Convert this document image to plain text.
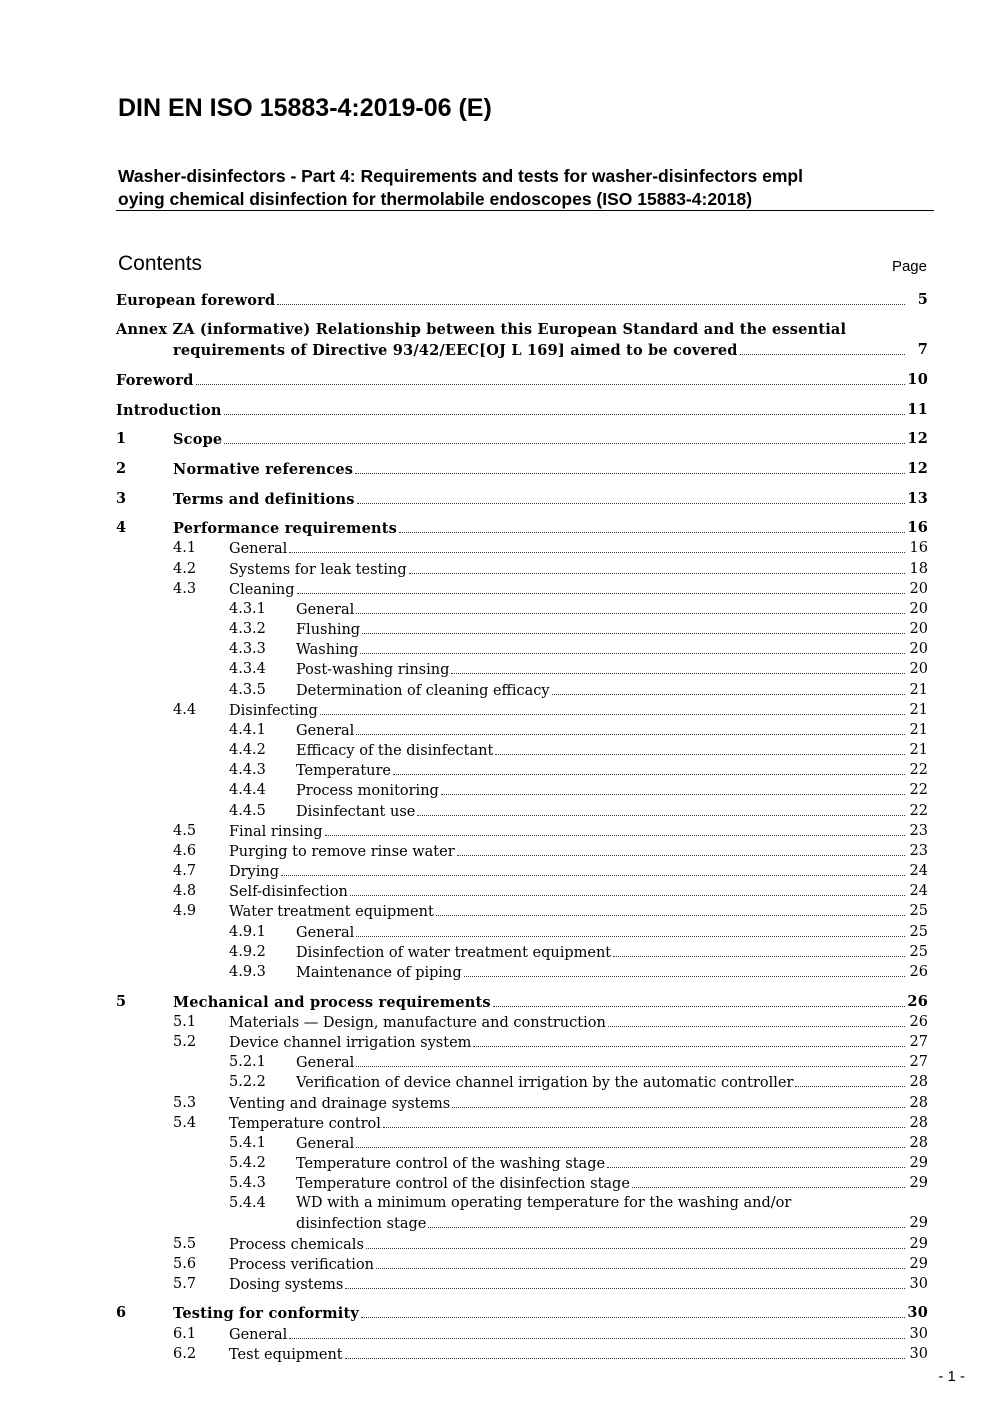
DIN EN ISO 15883-4:2019-06 (E)
Washer-disinfectors - Part 4: Requirements and tests for washer-disinfectors empl
oying chemical disinfection for thermolabile endoscopes (ISO 15883-4:2018)
Contents	Page
European foreword	5
Annex ZA (informative) Relationship between this European Standard and the essential
requirements of Directive 93/42/EEC[OJ L 169] aimed to be covered	7
Foreword	10
Introduction	11
1	Scope	12
2	Normative references	12
3	Terms and definitions	13
4	Performance requirements	16
4.1 General	16
4.2 Systems for leak testing	18
4.3 Cleaning	20
4.3.1 General	20
4.3.2 Flushing	20
4.3.3 Washing	20
4.3.4 Post-washing rinsing	20
4.3.5 Determination of cleaning efficacy	21
4.4 Disinfecting	21
4.4.1 General	21
4.4.2 Efficacy of the disinfectant	21
4.4.3 Temperature	22
4.4.4 Process monitoring	22
4.4.5 Disinfectant use	22
4.5 Final rinsing	23
4.6 Purging to remove rinse water	23
4.7 Drying	24
4.8 Self-disinfection	24
4.9 Water treatment equipment	25
4.9.1 General	25
4.9.2 Disinfection of water treatment equipment	25
4.9.3 Maintenance of piping	26
5	Mechanical and process requirements	26
5.1 Materials — Design, manufacture and construction	26
5.2 Device channel irrigation system	27
5.2.1 General	27
5.2.2 Verification of device channel irrigation by the automatic controller	28
5.3 Venting and drainage systems	28
5.4 Temperature control	28
5.4.1 General	28
5.4.2 Temperature control of the washing stage	29
5.4.3 Temperature control of the disinfection stage	29
5.4.4 WD with a minimum operating temperature for the washing and/or
disinfection stage	29
5.5 Process chemicals	29
5.6 Process verification	29
5.7 Dosing systems	30
6	Testing for conformity	30
6.1 General	30
6.2 Test equipment	30
- 1 -
